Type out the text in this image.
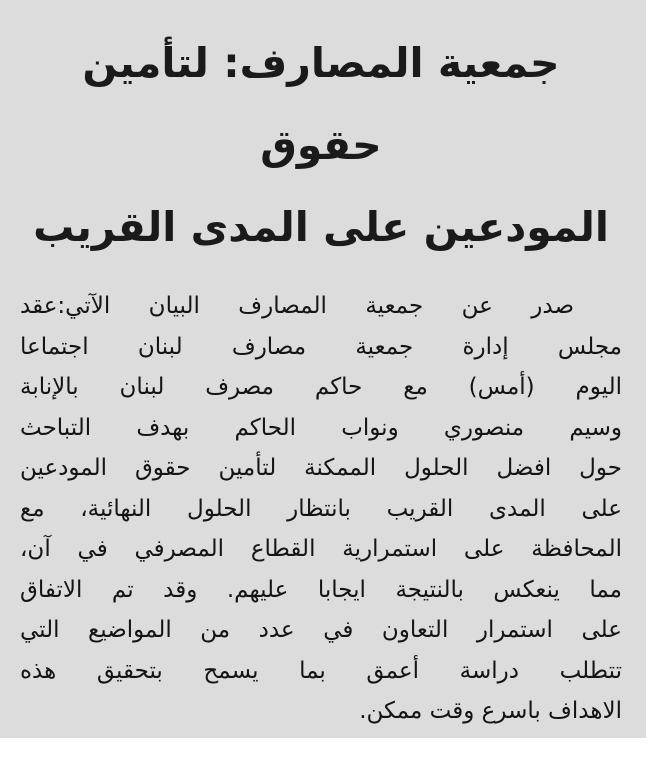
جمعية المصارف: لتأمين حقوق
المودعين على المدى القريب
صدر عن جمعية المصارف البيان الآتي:عقد
مجلس إدارة جمعية مصارف لبنان اجتماعا
اليوم (أمس) مع حاكم مصرف لبنان بالإنابة
وسيم منصوري ونواب الحاكم بهدف التباحث
حول افضل الحلول الممكنة لتأمين حقوق المودعين
على المدى القريب بانتظار الحلول النهائية، مع
المحافظة على استمرارية القطاع المصرفي في آن،
مما ينعكس بالنتيجة ايجابا عليهم. وقد تم الاتفاق
على استمرار التعاون في عدد من المواضيع التي
تتطلب دراسة أعمق بما يسمح بتحقيق هذه
الاهداف باسرع وقت ممكن.
